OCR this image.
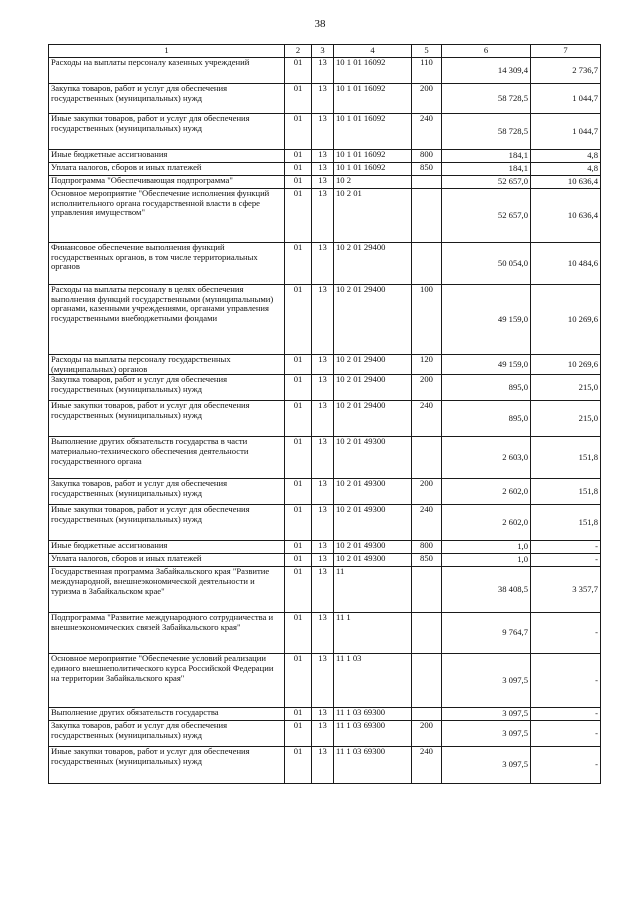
38
1	2	3	4	5	6	7
Расходы на выплаты персоналу казенных учреждений	01	13	10 1 01 16092	110	14 309,4	2 736,7
Закупка товаров, работ и услуг для обеспечения государственных (муниципальных) нужд	01	13	10 1 01 16092	200	58 728,5	1 044,7
Иные закупки товаров, работ и услуг для обеспечения государственных (муниципальных) нужд	01	13	10 1 01 16092	240	58 728,5	1 044,7
Иные бюджетные ассигнования	01	13	10 1 01 16092	800	184,1	4,8
Уплата налогов, сборов и иных платежей	01	13	10 1 01 16092	850	184,1	4,8
Подпрограмма "Обеспечивающая подпрограмма"	01	13	10 2		52 657,0	10 636,4
Основное мероприятие "Обеспечение исполнения функций исполнительного органа государственной власти в сфере управления имуществом"	01	13	10 2 01		52 657,0	10 636,4
Финансовое обеспечение выполнения функций государственных органов, в том числе территориальных органов	01	13	10 2 01 29400		50 054,0	10 484,6
Расходы на выплаты персоналу в целях обеспечения выполнения функций государственными (муниципальными) органами, казенными учреждениями, органами управления государственными внебюджетными фондами	01	13	10 2 01 29400	100	49 159,0	10 269,6
Расходы на выплаты персоналу государственных (муниципальных) органов	01	13	10 2 01 29400	120	49 159,0	10 269,6
Закупка товаров, работ и услуг для обеспечения государственных (муниципальных) нужд	01	13	10 2 01 29400	200	895,0	215,0
Иные закупки товаров, работ и услуг для обеспечения государственных (муниципальных) нужд	01	13	10 2 01 29400	240	895,0	215,0
Выполнение других обязательств государства в части материально-технического обеспечения деятельности государственного органа	01	13	10 2 01 49300		2 603,0	151,8
Закупка товаров, работ и услуг для обеспечения государственных (муниципальных) нужд	01	13	10 2 01 49300	200	2 602,0	151,8
Иные закупки товаров, работ и услуг для обеспечения государственных (муниципальных) нужд	01	13	10 2 01 49300	240	2 602,0	151,8
Иные бюджетные ассигнования	01	13	10 2 01 49300	800	1,0	-
Уплата налогов, сборов и иных платежей	01	13	10 2 01 49300	850	1,0	-
Государственная программа Забайкальского края "Развитие международной, внешнеэкономической деятельности и туризма в Забайкальском крае"	01	13	11		38 408,5	3 357,7
Подпрограмма "Развитие международного сотрудничества и внешнеэкономических связей Забайкальского края"	01	13	11 1		9 764,7	-
Основное мероприятие "Обеспечение условий реализации единого внешнеполитического курса Российской Федерации на территории Забайкальского края"	01	13	11 1 03		3 097,5	-
Выполнение других обязательств государства	01	13	11 1 03 69300		3 097,5	-
Закупка товаров, работ и услуг для обеспечения государственных (муниципальных) нужд	01	13	11 1 03 69300	200	3 097,5	-
Иные закупки товаров, работ и услуг для обеспечения государственных (муниципальных) нужд	01	13	11 1 03 69300	240	3 097,5	-
